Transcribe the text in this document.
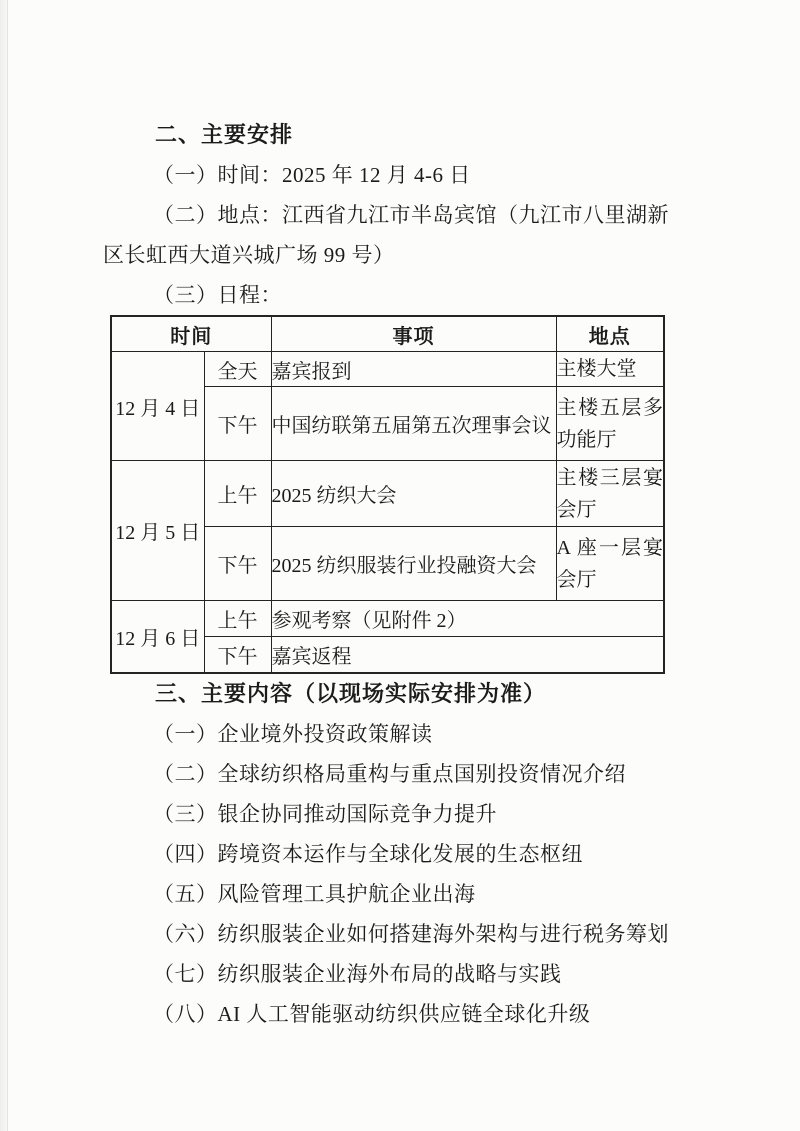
二、主要安排

（一）时间：2025 年 12 月 4-6 日

（二）地点：江西省九江市半岛宾馆（九江市八里湖新区长虹西大道兴城广场 99 号）

（三）日程：

时间		事项	地点
12 月 4 日	全天	嘉宾报到	主楼大堂
	下午	中国纺联第五届第五次理事会议	主楼五层多功能厅
12 月 5 日	上午	2025 纺织大会	主楼三层宴会厅
	下午	2025 纺织服装行业投融资大会	A 座一层宴会厅
12 月 6 日	上午	参观考察（见附件 2）	
	下午	嘉宾返程	

三、主要内容（以现场实际安排为准）

（一）企业境外投资政策解读

（二）全球纺织格局重构与重点国别投资情况介绍

（三）银企协同推动国际竞争力提升

（四）跨境资本运作与全球化发展的生态枢纽

（五）风险管理工具护航企业出海

（六）纺织服装企业如何搭建海外架构与进行税务筹划

（七）纺织服装企业海外布局的战略与实践

（八）AI 人工智能驱动纺织供应链全球化升级
